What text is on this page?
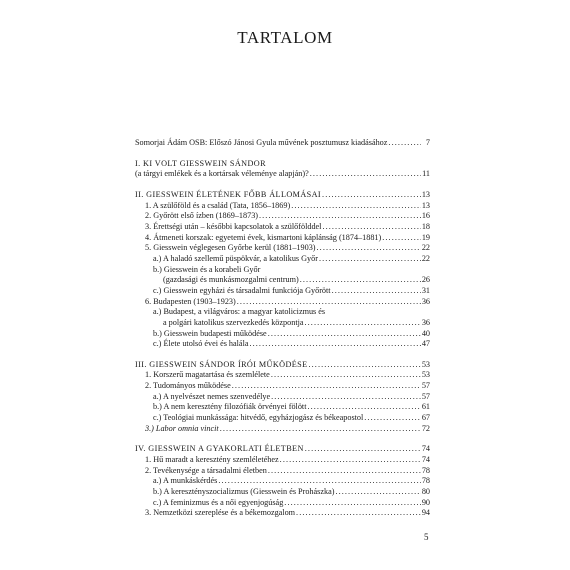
TARTALOM
Somorjai Ádám OSB: Előszó Jánosi Gyula művének posztumusz kiadásához .....	7
I. KI VOLT GIESSWEIN SÁNDOR
(a tárgyi emlékek és a kortársak véleménye alapján)? .....	11
II. GIESSWEIN ÉLETÉNEK FŐBB ÁLLOMÁSAI .....	13
1. A szülőföld és a család (Tata, 1856–1869) .....	13
2. Győrött első ízben (1869–1873) .....	16
3. Érettségi után – későbbi kapcsolatok a szülőfölddel .....	18
4. Átmeneti korszak: egyetemi évek, kismartoni káplánság (1874–1881) .....	19
5. Giesswein véglegesen Győrbe kerül (1881–1903) .....	22
a.) A haladó szellemű püspökvár, a katolikus Győr .....	22
b.) Giesswein és a korabeli Győr
(gazdasági és munkásmozgalmi centrum) .....	26
c.) Giesswein egyházi és társadalmi funkciója Győrött .....	31
6. Budapesten (1903–1923) .....	36
a.) Budapest, a világváros: a magyar katolicizmus és
a polgári katolikus szervezkedés központja .....	36
b.) Giesswein budapesti működése .....	40
c.) Élete utolsó évei és halála .....	47
III. GIESSWEIN SÁNDOR ÍRÓI MŰKÖDÉSE .....	53
1. Korszerű magatartása és szemlélete .....	53
2. Tudományos működése .....	57
a.) A nyelvészet nemes szenvedélye .....	57
b.) A nem keresztény filozófiák örvényei fölött .....	61
c.) Teológiai munkássága: hitvédő, egyházjogász és békeapostol .....	67
3.) Labor omnia vincit .....	72
IV. GIESSWEIN A GYAKORLATI ÉLETBEN .....	74
1. Hű maradt a keresztény szemléletéhez .....	74
2. Tevékenysége a társadalmi életben .....	78
a.) A munkáskérdés .....	78
b.) A keresztényszocializmus (Giesswein és Prohászka) .....	80
c.) A feminizmus és a női egyenjogúság .....	90
3. Nemzetközi szereplése és a békemozgalom .....	94
5
